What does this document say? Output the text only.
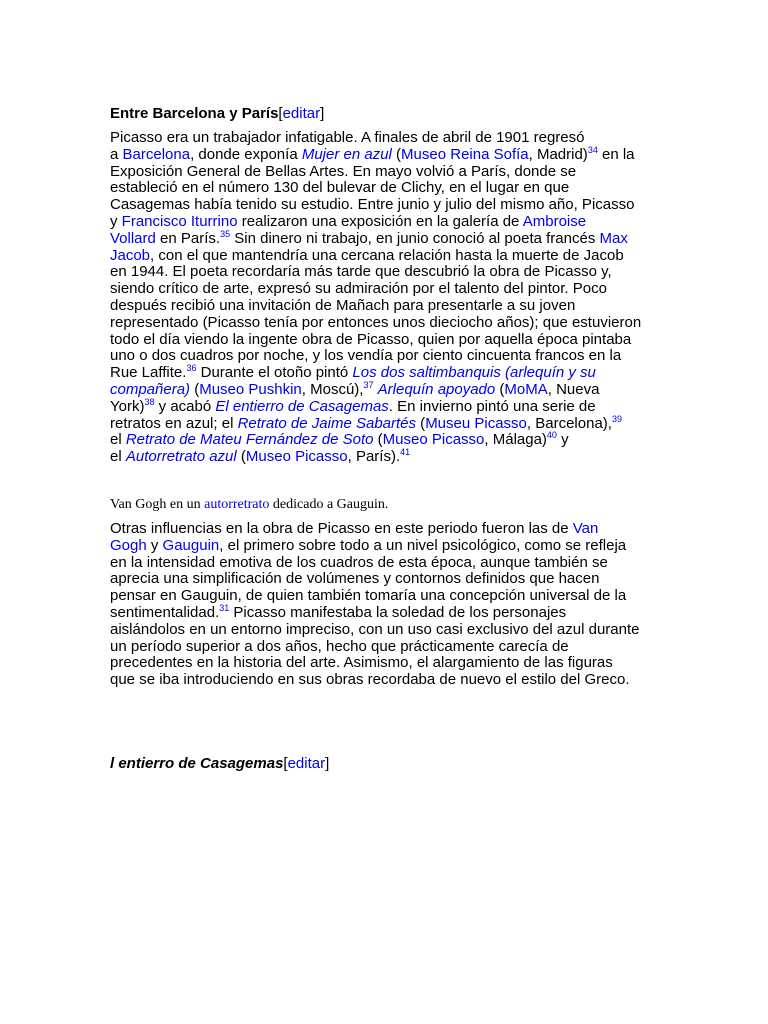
Entre Barcelona y París[editar]
Picasso era un trabajador infatigable. A finales de abril de 1901 regresó
a Barcelona, donde exponía Mujer en azul (Museo Reina Sofía, Madrid)$^{34}$ en la
Exposición General de Bellas Artes. En mayo volvió a París, donde se
estableció en el número 130 del bulevar de Clichy, en el lugar en que
Casagemas había tenido su estudio. Entre junio y julio del mismo año, Picasso
y Francisco Iturrino realizaron una exposición en la galería de Ambroise
Vollard en París.$^{35}$ Sin dinero ni trabajo, en junio conoció al poeta francés Max
Jacob, con el que mantendría una cercana relación hasta la muerte de Jacob
en 1944. El poeta recordaría más tarde que descubrió la obra de Picasso y,
siendo crítico de arte, expresó su admiración por el talento del pintor. Poco
después recibió una invitación de Mañach para presentarle a su joven
representado (Picasso tenía por entonces unos dieciocho años); que estuvieron
todo el día viendo la ingente obra de Picasso, quien por aquella época pintaba
uno o dos cuadros por noche, y los vendía por ciento cincuenta francos en la
Rue Laffite.$^{36}$ Durante el otoño pintó Los dos saltimbanquis (arlequín y su
compañera) (Museo Pushkin, Moscú),$^{37}$ Arlequín apoyado (MoMA, Nueva
York)$^{38}$ y acabó El entierro de Casagemas. En invierno pintó una serie de
retratos en azul; el Retrato de Jaime Sabartés (Museu Picasso, Barcelona),$^{39}$
el Retrato de Mateu Fernández de Soto (Museo Picasso, Málaga)$^{40}$ y
el Autorretrato azul (Museo Picasso, París).$^{41}$
Van Gogh en un autorretrato dedicado a Gauguin.
Otras influencias en la obra de Picasso en este periodo fueron las de Van
Gogh y Gauguin, el primero sobre todo a un nivel psicológico, como se refleja
en la intensidad emotiva de los cuadros de esta época, aunque también se
aprecia una simplificación de volúmenes y contornos definidos que hacen
pensar en Gauguin, de quien también tomaría una concepción universal de la
sentimentalidad.$^{31}$ Picasso manifestaba la soledad de los personajes
aislándolos en un entorno impreciso, con un uso casi exclusivo del azul durante
un período superior a dos años, hecho que prácticamente carecía de
precedentes en la historia del arte. Asimismo, el alargamiento de las figuras
que se iba introduciendo en sus obras recordaba de nuevo el estilo del Greco.
l entierro de Casagemas[editar]
